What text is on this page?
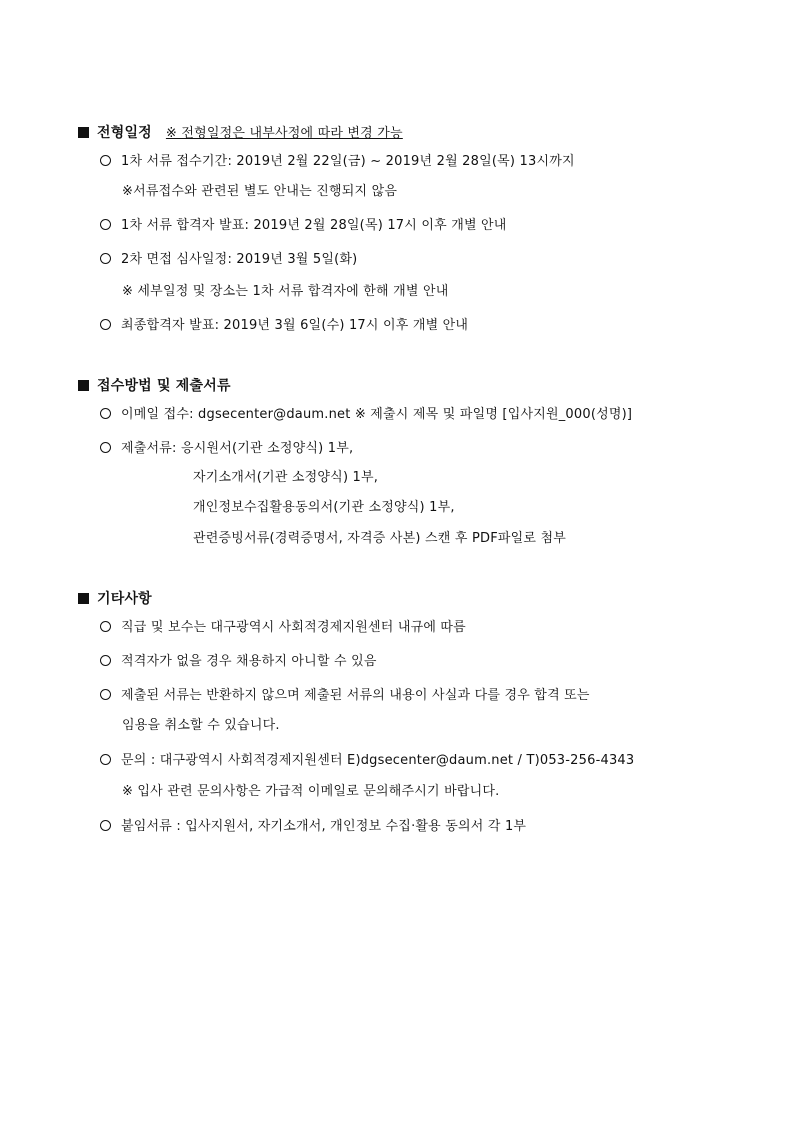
전형일정 ※ 전형일정은 내부사정에 따라 변경 가능
1차 서류 접수기간: 2019년 2월 22일(금) ~ 2019년 2월 28일(목) 13시까지
※서류접수와 관련된 별도 안내는 진행되지 않음
1차 서류 합격자 발표: 2019년 2월 28일(목) 17시 이후 개별 안내
2차 면접 심사일정: 2019년 3월 5일(화)
※ 세부일정 및 장소는 1차 서류 합격자에 한해 개별 안내
최종합격자 발표: 2019년 3월 6일(수) 17시 이후 개별 안내
접수방법 및 제출서류
이메일 접수: dgsecenter@daum.net ※ 제출시 제목 및 파일명 [입사지원_000(성명)]
제출서류: 응시원서(기관 소정양식) 1부,
자기소개서(기관 소정양식) 1부,
개인정보수집활용동의서(기관 소정양식) 1부,
관련증빙서류(경력증명서, 자격증 사본) 스캔 후 PDF파일로 첨부
기타사항
직급 및 보수는 대구광역시 사회적경제지원센터 내규에 따름
적격자가 없을 경우 채용하지 아니할 수 있음
제출된 서류는 반환하지 않으며 제출된 서류의 내용이 사실과 다를 경우 합격 또는
임용을 취소할 수 있습니다.
문의 : 대구광역시 사회적경제지원센터 E)dgsecenter@daum.net / T)053-256-4343
※ 입사 관련 문의사항은 가급적 이메일로 문의해주시기 바랍니다.
붙임서류 : 입사지원서, 자기소개서, 개인정보 수집·활용 동의서 각 1부
